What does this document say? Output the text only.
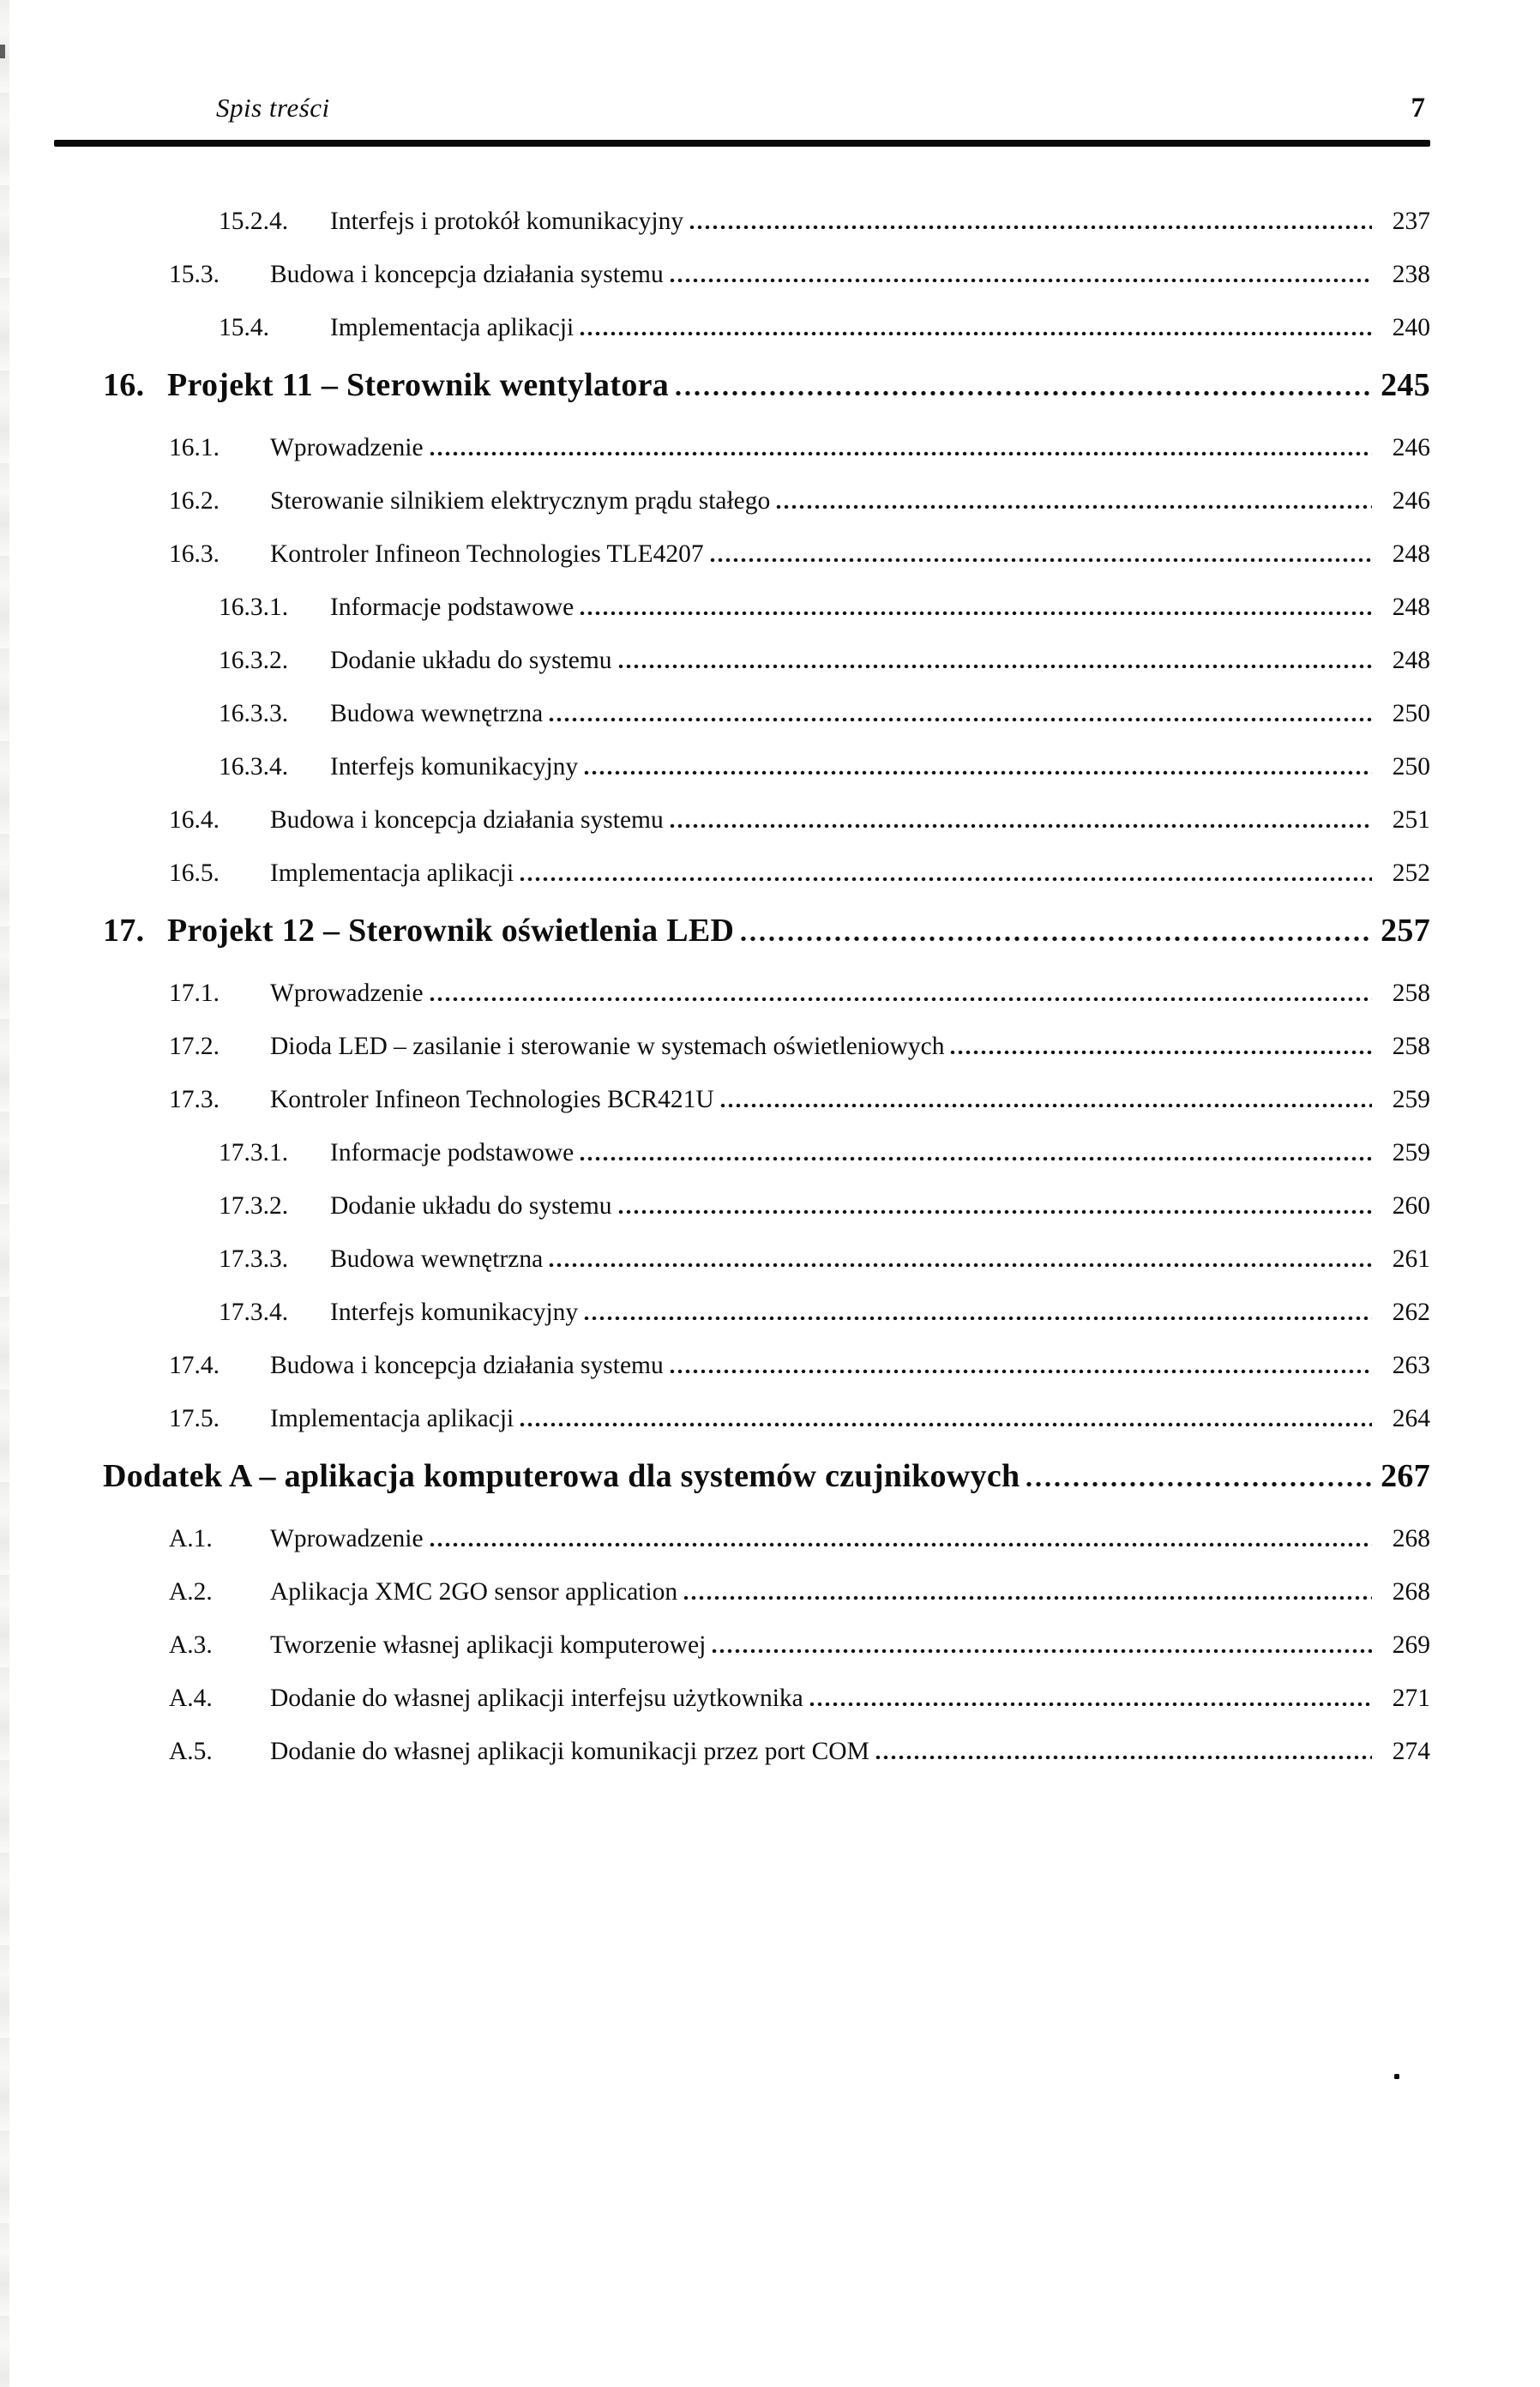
Spis treści	7
15.2.4.	Interfejs i protokół komunikacyjny	237
15.3.	Budowa i koncepcja działania systemu	238
15.4.	Implementacja aplikacji	240
16. Projekt 11 – Sterownik wentylatora	245
16.1.	Wprowadzenie	246
16.2.	Sterowanie silnikiem elektrycznym prądu stałego	246
16.3.	Kontroler Infineon Technologies TLE4207	248
16.3.1.	Informacje podstawowe	248
16.3.2.	Dodanie układu do systemu	248
16.3.3.	Budowa wewnętrzna	250
16.3.4.	Interfejs komunikacyjny	250
16.4.	Budowa i koncepcja działania systemu	251
16.5.	Implementacja aplikacji	252
17. Projekt 12 – Sterownik oświetlenia LED	257
17.1.	Wprowadzenie	258
17.2.	Dioda LED – zasilanie i sterowanie w systemach oświetleniowych	258
17.3.	Kontroler Infineon Technologies BCR421U	259
17.3.1.	Informacje podstawowe	259
17.3.2.	Dodanie układu do systemu	260
17.3.3.	Budowa wewnętrzna	261
17.3.4.	Interfejs komunikacyjny	262
17.4.	Budowa i koncepcja działania systemu	263
17.5.	Implementacja aplikacji	264
Dodatek A – aplikacja komputerowa dla systemów czujnikowych	267
A.1.	Wprowadzenie	268
A.2.	Aplikacja XMC 2GO sensor application	268
A.3.	Tworzenie własnej aplikacji komputerowej	269
A.4.	Dodanie do własnej aplikacji interfejsu użytkownika	271
A.5.	Dodanie do własnej aplikacji komunikacji przez port COM	274
